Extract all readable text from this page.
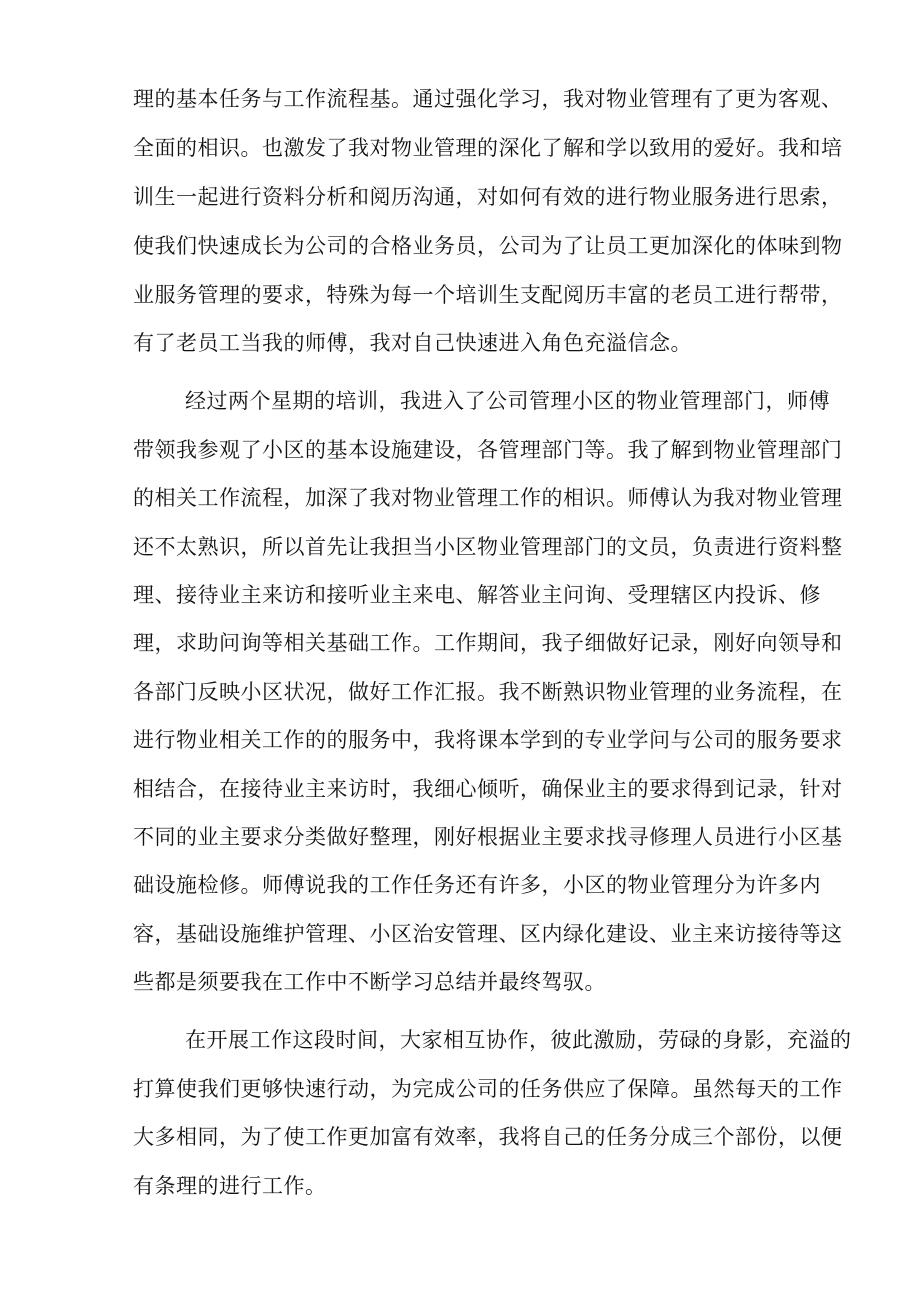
理的基本任务与工作流程基。通过强化学习，我对物业管理有了更为客观、

全面的相识。也激发了我对物业管理的深化了解和学以致用的爱好。我和培

训生一起进行资料分析和阅历沟通，对如何有效的进行物业服务进行思索，

使我们快速成长为公司的合格业务员，公司为了让员工更加深化的体味到物

业服务管理的要求，特殊为每一个培训生支配阅历丰富的老员工进行帮带，

有了老员工当我的师傅，我对自己快速进入角色充溢信念。

经过两个星期的培训，我进入了公司管理小区的物业管理部门，师傅

带领我参观了小区的基本设施建设，各管理部门等。我了解到物业管理部门

的相关工作流程，加深了我对物业管理工作的相识。师傅认为我对物业管理

还不太熟识，所以首先让我担当小区物业管理部门的文员，负责进行资料整

理、接待业主来访和接听业主来电、解答业主问询、受理辖区内投诉、修

理，求助问询等相关基础工作。工作期间，我子细做好记录，刚好向领导和

各部门反映小区状况，做好工作汇报。我不断熟识物业管理的业务流程，在

进行物业相关工作的的服务中，我将课本学到的专业学问与公司的服务要求

相结合，在接待业主来访时，我细心倾听，确保业主的要求得到记录，针对

不同的业主要求分类做好整理，刚好根据业主要求找寻修理人员进行小区基

础设施检修。师傅说我的工作任务还有许多，小区的物业管理分为许多内

容，基础设施维护管理、小区治安管理、区内绿化建设、业主来访接待等这

些都是须要我在工作中不断学习总结并最终驾驭。

在开展工作这段时间，大家相互协作，彼此激励，劳碌的身影，充溢的

打算使我们更够快速行动，为完成公司的任务供应了保障。虽然每天的工作

大多相同，为了使工作更加富有效率，我将自己的任务分成三个部份，以便

有条理的进行工作。
